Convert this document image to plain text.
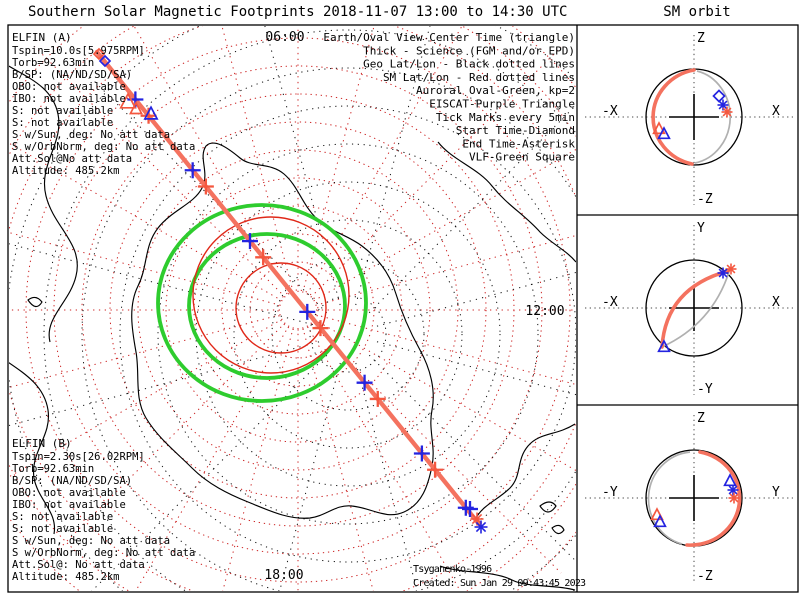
Southern Solar Magnetic Footprints 2018-11-07 13:00 to 14:30 UTC	SM orbit
06:00
12:00
18:00	Tsyganenko-1996
Created: Sun Jan 29 09:43:45 2023
Z
-Z
-X	X
Y
-Y
-X	X
Z
-Z
-Y	Y
ELFIN (A)
Tspin=10.0s[5.975RPM]
Torb=92.63min
B/SP: (NA/ND/SD/SA)
OBO: not available
IBO: not available
S: not available
S: not available
S w/Sun, deg: No att data
S w/OrbNorm, deg: No att data
Att.Sol@No att data
Altitude: 485.2km
ELFIN (B)
Tspin=2.30s[26.02RPM]
Torb=92.63min
B/SP: (NA/ND/SD/SA)
OBO: not available
IBO: not available
S: not available
S: not available
S w/Sun, deg: No att data
S w/OrbNorm, deg: No att data
Att.Sol@: No att data
Altitude: 485.2km
Earth/Oval View Center Time (triangle)
Thick - Science (FGM and/or EPD)
Geo Lat/Lon - Black dotted lines
SM Lat/Lon - Red dotted lines
Auroral Oval-Green, kp=2
EISCAT-Purple Triangle
Tick Marks every 5min
Start Time-Diamond
End Time-Asterisk
VLF-Green Square
